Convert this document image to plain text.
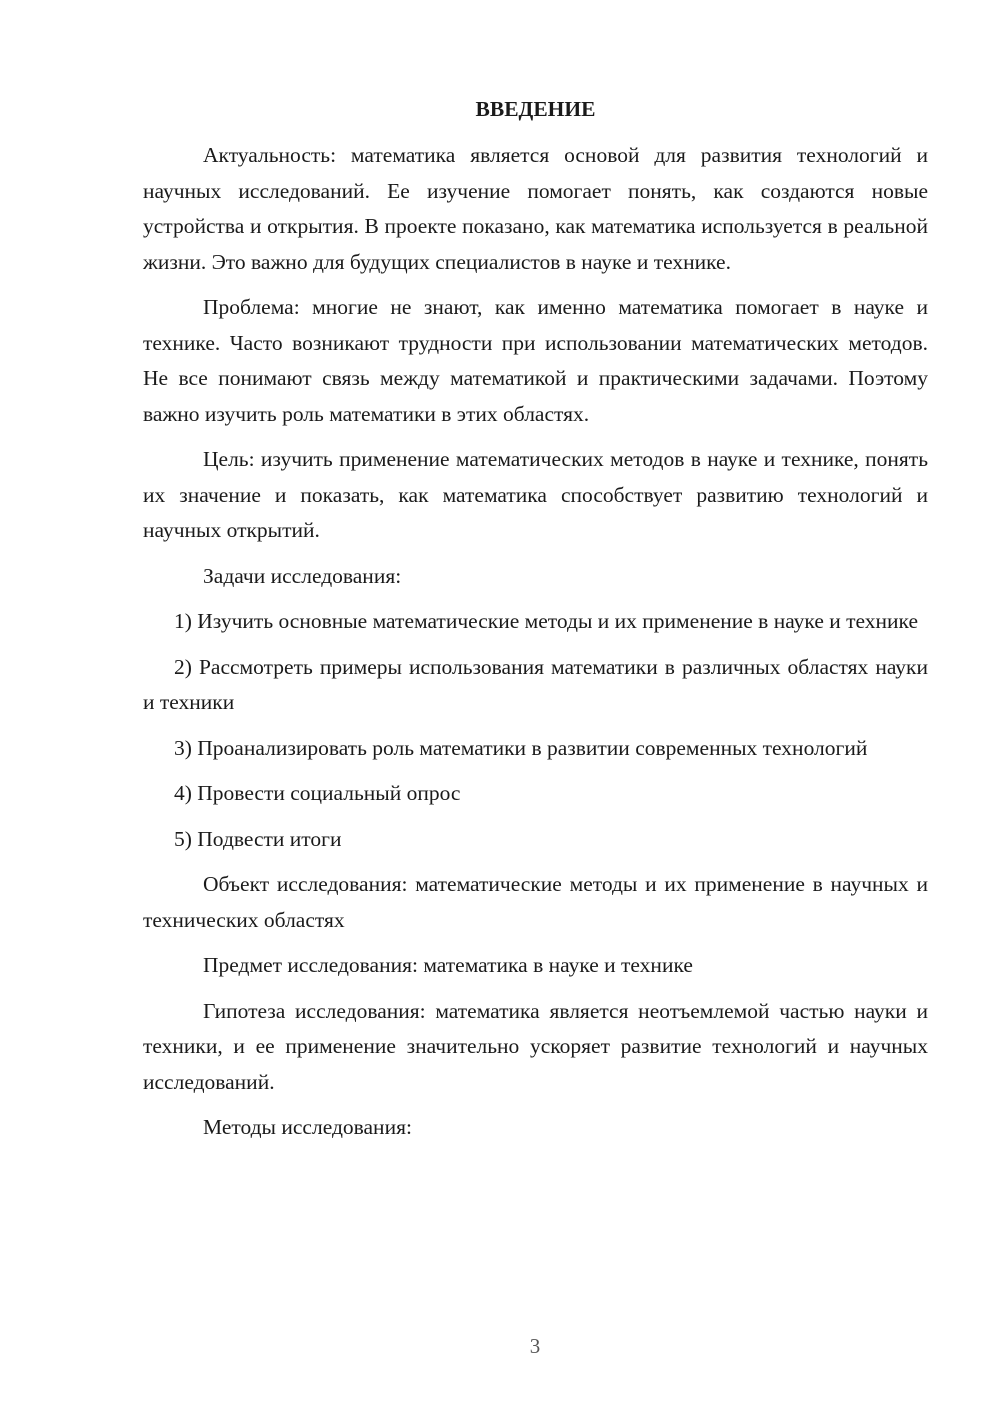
ВВЕДЕНИЕ

Актуальность: математика является основой для развития технологий и научных исследований. Ее изучение помогает понять, как создаются новые устройства и открытия. В проекте показано, как математика используется в реальной жизни. Это важно для будущих специалистов в науке и технике.

Проблема: многие не знают, как именно математика помогает в науке и технике. Часто возникают трудности при использовании математических методов. Не все понимают связь между математикой и практическими задачами. Поэтому важно изучить роль математики в этих областях.

Цель: изучить применение математических методов в науке и технике, понять их значение и показать, как математика способствует развитию технологий и научных открытий.

Задачи исследования:

1) Изучить основные математические методы и их применение в науке и технике

2) Рассмотреть примеры использования математики в различных областях науки и техники

3) Проанализировать роль математики в развитии современных технологий

4) Провести социальный опрос

5) Подвести итоги

Объект исследования: математические методы и их применение в научных и технических областях

Предмет исследования: математика в науке и технике

Гипотеза исследования: математика является неотъемлемой частью науки и техники, и ее применение значительно ускоряет развитие технологий и научных исследований.

Методы исследования:

3
